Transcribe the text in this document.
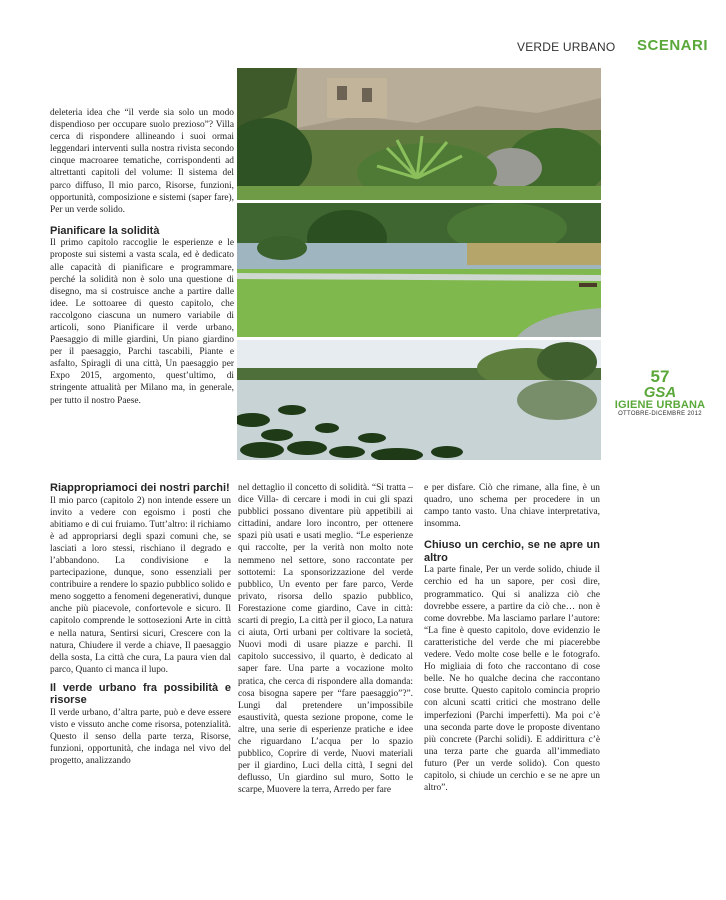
VERDE URBANO SCENARI
57
GSA
IGIENE URBANA
OTTOBRE-DICEMBRE 2012

deleteria idea che “il verde sia solo un modo dispendioso per occupare suolo prezioso”? Villa cerca di rispondere allineando i suoi ormai leggendari interventi sulla nostra rivista secondo cinque macroaree tematiche, corrispondenti ad altrettanti capitoli del volume: Il sistema del parco diffuso, Il mio parco, Risorse, funzioni, opportunità, composizione e sistemi (saper fare), Per un verde solido.

Pianificare la solidità

Il primo capitolo raccoglie le esperienze e le proposte sui sistemi a vasta scala, ed è dedicato alle capacità di pianificare e programmare, perché la solidità non è solo una questione di disegno, ma si costruisce anche a partire dalle idee. Le sottoaree di questo capitolo, che raccolgono ciascuna un numero variabile di articoli, sono Pianificare il verde urbano, Paesaggio di mille giardini, Un piano giardino per il paesaggio, Parchi tascabili, Piante e asfalto, Spiragli di una città, Un paesaggio per Expo 2015, argomento, quest’ultimo, di stringente attualità per Milano ma, in generale, per tutto il nostro Paese.

Riappropriamoci dei nostri parchi!

Il mio parco (capitolo 2) non intende essere un invito a vedere con egoismo i posti che abitiamo e di cui fruiamo. Tutt’altro: il richiamo è ad appropriarsi degli spazi comuni che, se lasciati a loro stessi, rischiano il degrado e l’abbandono. La condivisione e la partecipazione, dunque, sono essenziali per contribuire a rendere lo spazio pubblico solido e meno soggetto a fenomeni degenerativi, dunque anche più piacevole, confortevole e sicuro. Il capitolo comprende le sottosezioni Arte in città e nella natura, Sentirsi sicuri, Crescere con la natura, Chiudere il verde a chiave, Il paesaggio della sosta, La città che cura, La paura vien dal parco, Quanto ci manca il lupo.

Il verde urbano fra possibilità e risorse

Il verde urbano, d’altra parte, può e deve essere visto e vissuto anche come risorsa, potenzialità. Questo il senso della parte terza, Risorse, funzioni, opportunità, che indaga nel vivo del progetto, analizzando

nel dettaglio il concetto di solidità. “Si tratta –dice Villa- di cercare i modi in cui gli spazi pubblici possano diventare più appetibili ai cittadini, andare loro incontro, per ottenere spazi più usati e usati meglio. “Le esperienze qui raccolte, per la verità non molto note nemmeno nel settore, sono raccontate per sottotemi: La sponsorizzazione del verde pubblico, Un evento per fare parco, Verde privato, risorsa dello spazio pubblico, Forestazione come giardino, Cave in città: scarti di pregio, La città per il gioco, La natura ci aiuta, Orti urbani per coltivare la società, Nuovi modi di usare piazze e parchi. Il capitolo successivo, il quarto, è dedicato al saper fare. Una parte a vocazione molto pratica, che cerca di rispondere alla domanda: cosa bisogna sapere per “fare paesaggio”?”. Lungi dal pretendere un’impossibile esaustività, questa sezione propone, come le altre, una serie di esperienze pratiche e idee che riguardano L’acqua per lo spazio pubblico, Coprire di verde, Nuovi materiali per il giardino, Luci della città, I segni del deflusso, Un giardino sul muro, Sotto le scarpe, Muovere la terra, Arredo per fare

e per disfare. Ciò che rimane, alla fine, è un quadro, uno schema per procedere in un campo tanto vasto. Una chiave interpretativa, insomma.

Chiuso un cerchio, se ne apre un altro

La parte finale, Per un verde solido, chiude il cerchio ed ha un sapore, per così dire, programmatico. Qui si analizza ciò che dovrebbe essere, a partire da ciò che… non è come dovrebbe. Ma lasciamo parlare l’autore: “La fine è questo capitolo, dove evidenzio le caratteristiche del verde che mi piacerebbe vedere. Vedo molte cose belle e le fotografo. Ho migliaia di foto che raccontano di cose belle. Ne ho qualche decina che raccontano cose brutte. Questo capitolo comincia proprio con alcuni scatti critici che mostrano delle imperfezioni (Parchi imperfetti). Ma poi c’è una seconda parte dove le proposte diventano più concrete (Parchi solidi). E addirittura c’è una terza parte che guarda all’immediato futuro (Per un verde solido). Con questo capitolo, si chiude un cerchio e se ne apre un altro”.
